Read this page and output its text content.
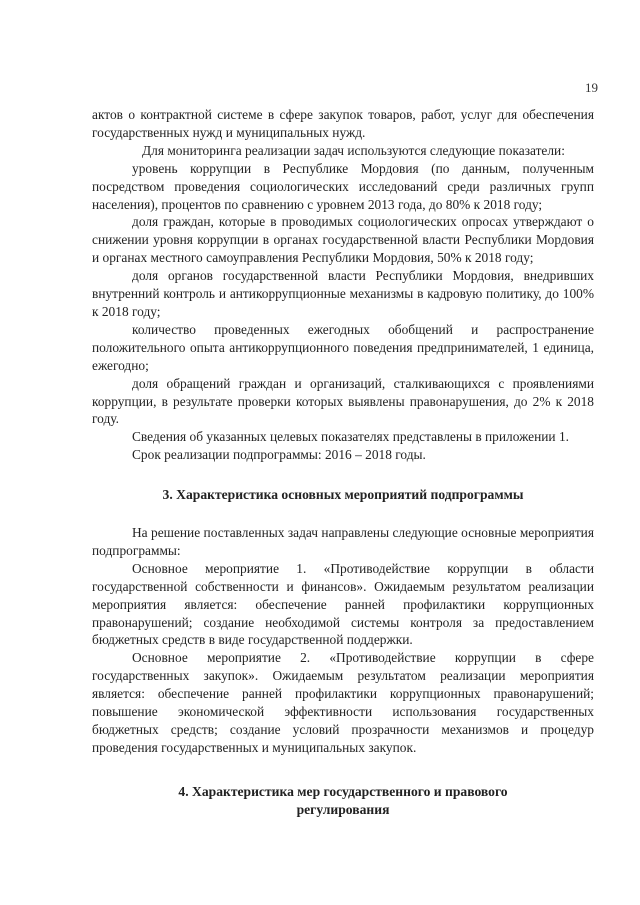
19

актов о контрактной системе в сфере закупок товаров, работ, услуг для обеспечения государственных нужд и муниципальных нужд.

Для мониторинга реализации задач используются следующие показатели:

уровень коррупции в Республике Мордовия (по данным, полученным посредством проведения социологических исследований среди различных групп населения), процентов по сравнению с уровнем 2013 года, до 80% к 2018 году;

доля граждан, которые в проводимых социологических опросах утверждают о снижении уровня коррупции в органах государственной власти Республики Мордовия и органах местного самоуправления Республики Мордовия, 50% к 2018 году;

доля органов государственной власти Республики Мордовия, внедривших внутренний контроль и антикоррупционные механизмы в кадровую политику, до 100% к 2018 году;

количество проведенных ежегодных обобщений и распространение положительного опыта антикоррупционного поведения предпринимателей, 1 единица, ежегодно;

доля обращений граждан и организаций, сталкивающихся с проявлениями коррупции, в результате проверки которых выявлены правонарушения, до 2% к 2018 году.

Сведения об указанных целевых показателях представлены в приложении 1.

Срок реализации подпрограммы: 2016 – 2018 годы.

3. Характеристика основных мероприятий подпрограммы

На решение поставленных задач направлены следующие основные мероприятия подпрограммы:

Основное мероприятие 1. «Противодействие коррупции в области государственной собственности и финансов». Ожидаемым результатом реализации мероприятия является: обеспечение ранней профилактики коррупционных правонарушений; создание необходимой системы контроля за предоставлением бюджетных средств в виде государственной поддержки.

Основное мероприятие 2. «Противодействие коррупции в сфере государственных закупок». Ожидаемым результатом реализации мероприятия является: обеспечение ранней профилактики коррупционных правонарушений; повышение экономической эффективности использования государственных бюджетных средств; создание условий прозрачности механизмов и процедур проведения государственных и муниципальных закупок.

4. Характеристика мер государственного и правового
регулирования
